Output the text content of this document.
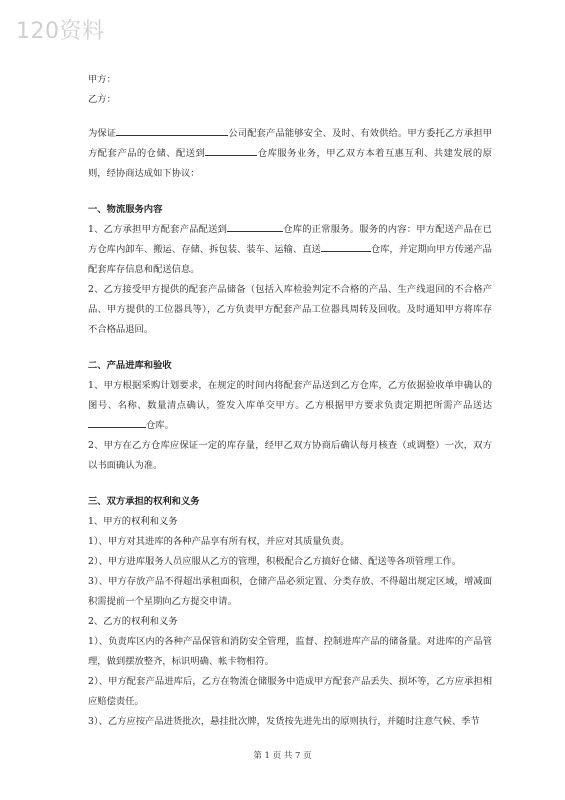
120资料

甲方：

乙方：

为保证	公司配套产品能够安全、及时、有效供给。甲方委托乙方承担甲方配套产品的仓储、配送到	仓库服务业务，甲乙双方本着互惠互利、共建发展的原则，经协商达成如下协议：

一、物流服务内容

1、乙方承担甲方配套产品配送到	仓库的正常服务。服务的内容：甲方配送产品在已方仓库内卸车、搬运、存储、拆包装、装车、运输、直送	仓库，并定期向甲方传递产品配套库存信息和配送信息。

2、乙方接受甲方提供的配套产品储备（包括入库检验判定不合格的产品、生产线退回的不合格产品、甲方提供的工位器具等），乙方负责甲方配套产品工位器具周转及回收。及时通知甲方将库存不合格品退回。

二、产品进库和验收

1、甲方根据采购计划要求，在规定的时间内将配套产品送到乙方仓库，乙方依据验收单申确认的图号、名称、数量清点确认，签发入库单交甲方。乙方根据甲方要求负责定期把所需产品送达仓库。

2、甲方在乙方仓库应保证一定的库存量，经甲乙双方协商后确认每月核查（或调整）一次，双方以书面确认为准。

三、双方承担的权利和义务

1、甲方的权利和义务

1）、甲方对其进库的各种产品享有所有权，并应对其质量负责。

2）、甲方进库服务人员应服从乙方的管理，积极配合乙方搞好仓储、配送等各项管理工作。

3）、甲方存放产品不得超出承租面积，仓储产品必须定置、分类存放、不得超出规定区域，增减面积需提前一个星期向乙方提交申请。

2、乙方的权利和义务

1）、负责库区内的各种产品保管和消防安全管理，监督、控制进库产品的储备量。对进库的产品管理，做到摆放整齐，标识明确、帐卡物相符。

2）、甲方配套产品进库后，乙方在物流仓储服务中造成甲方配套产品丢失、损坏等，乙方应承担相应赔偿责任。

3）、乙方应按产品进货批次，悬挂批次牌，发货按先进先出的原则执行，并随时注意气候、季节

第 1 页 共 7 页
